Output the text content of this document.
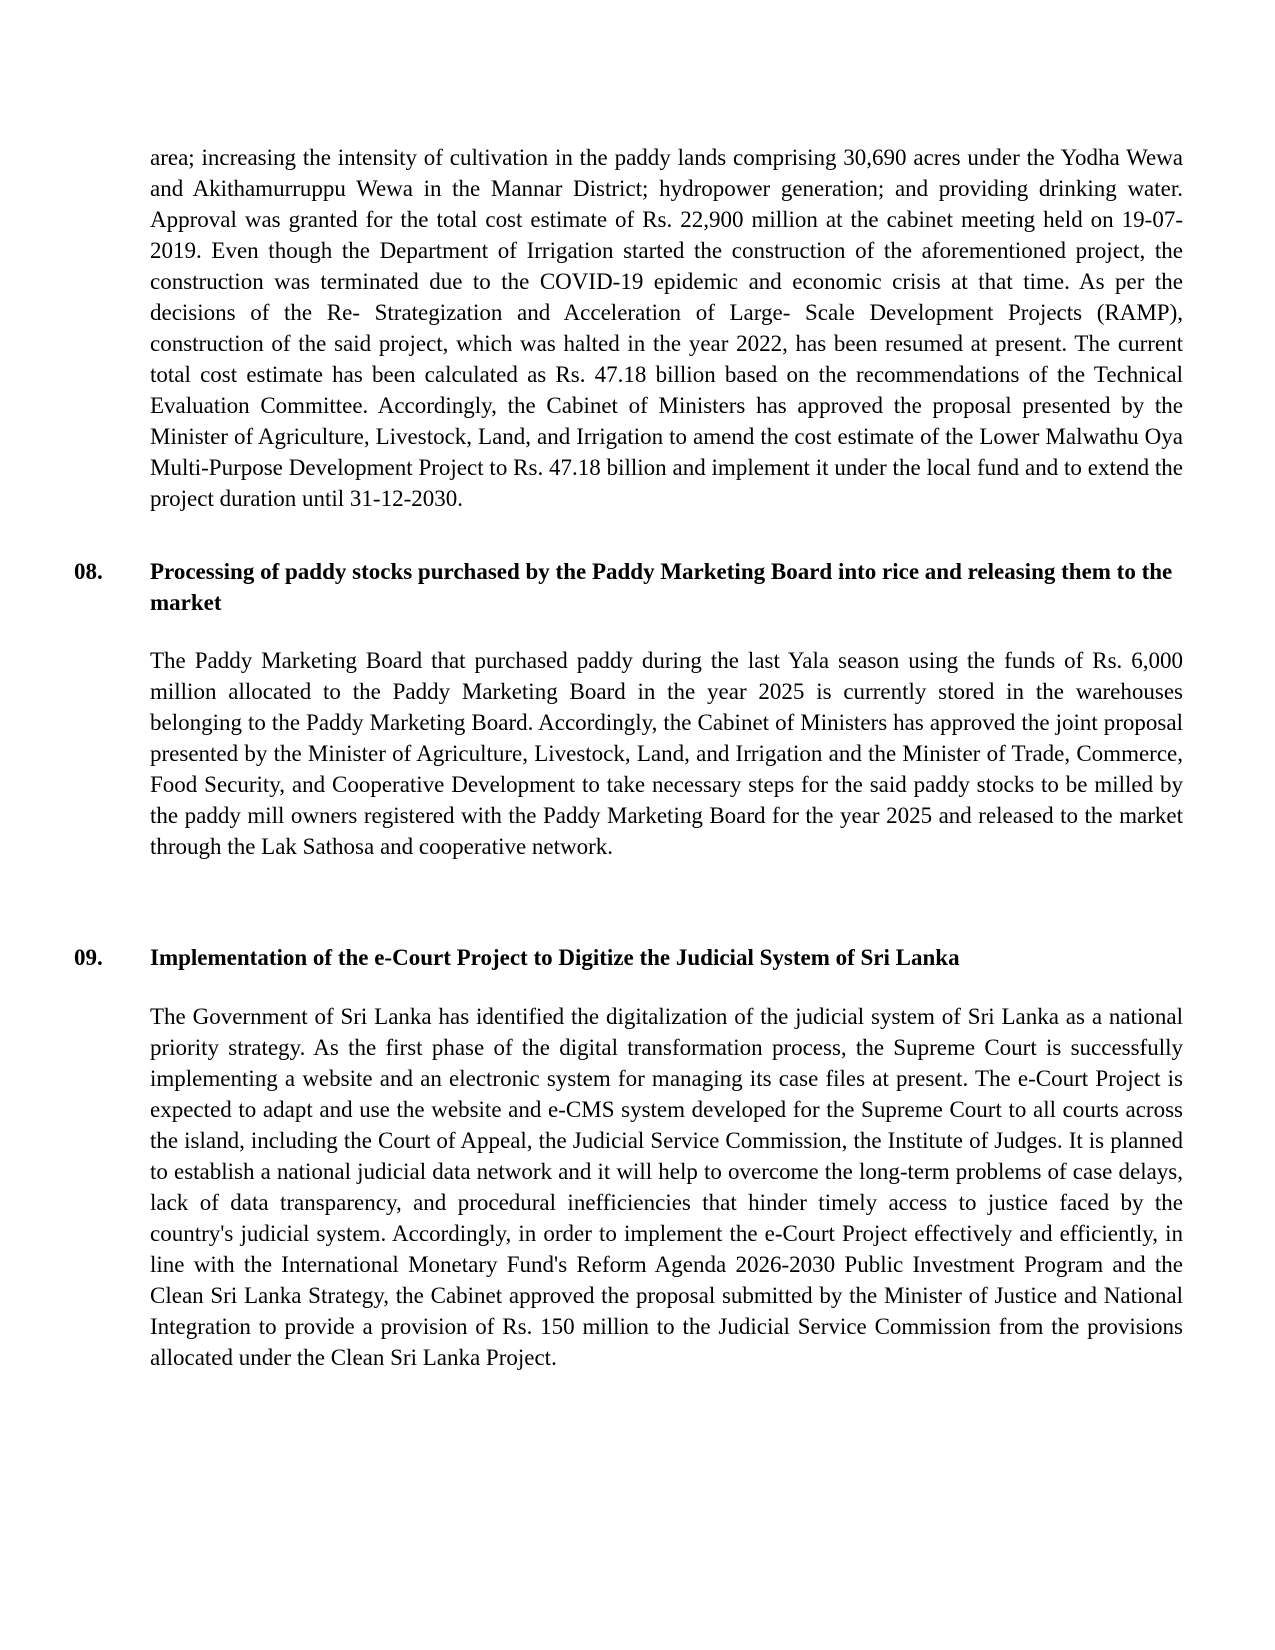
area; increasing the intensity of cultivation in the paddy lands comprising 30,690 acres under the Yodha Wewa and Akithamurruppu Wewa in the Mannar District; hydropower generation; and providing drinking water. Approval was granted for the total cost estimate of Rs. 22,900 million at the cabinet meeting held on 19-07-2019. Even though the Department of Irrigation started the construction of the aforementioned project, the construction was terminated due to the COVID-19 epidemic and economic crisis at that time. As per the decisions of the Re- Strategization and Acceleration of Large- Scale Development Projects (RAMP), construction of the said project, which was halted in the year 2022, has been resumed at present. The current total cost estimate has been calculated as Rs. 47.18 billion based on the recommendations of the Technical Evaluation Committee. Accordingly, the Cabinet of Ministers has approved the proposal presented by the Minister of Agriculture, Livestock, Land, and Irrigation to amend the cost estimate of the Lower Malwathu Oya Multi-Purpose Development Project to Rs. 47.18 billion and implement it under the local fund and to extend the project duration until 31-12-2030.

08. Processing of paddy stocks purchased by the Paddy Marketing Board into rice and releasing them to the market

The Paddy Marketing Board that purchased paddy during the last Yala season using the funds of Rs. 6,000 million allocated to the Paddy Marketing Board in the year 2025 is currently stored in the warehouses belonging to the Paddy Marketing Board. Accordingly, the Cabinet of Ministers has approved the joint proposal presented by the Minister of Agriculture, Livestock, Land, and Irrigation and the Minister of Trade, Commerce, Food Security, and Cooperative Development to take necessary steps for the said paddy stocks to be milled by the paddy mill owners registered with the Paddy Marketing Board for the year 2025 and released to the market through the Lak Sathosa and cooperative network.

09. Implementation of the e-Court Project to Digitize the Judicial System of Sri Lanka

The Government of Sri Lanka has identified the digitalization of the judicial system of Sri Lanka as a national priority strategy. As the first phase of the digital transformation process, the Supreme Court is successfully implementing a website and an electronic system for managing its case files at present. The e-Court Project is expected to adapt and use the website and e-CMS system developed for the Supreme Court to all courts across the island, including the Court of Appeal, the Judicial Service Commission, the Institute of Judges. It is planned to establish a national judicial data network and it will help to overcome the long-term problems of case delays, lack of data transparency, and procedural inefficiencies that hinder timely access to justice faced by the country's judicial system. Accordingly, in order to implement the e-Court Project effectively and efficiently, in line with the International Monetary Fund's Reform Agenda 2026-2030 Public Investment Program and the Clean Sri Lanka Strategy, the Cabinet approved the proposal submitted by the Minister of Justice and National Integration to provide a provision of Rs. 150 million to the Judicial Service Commission from the provisions allocated under the Clean Sri Lanka Project.
